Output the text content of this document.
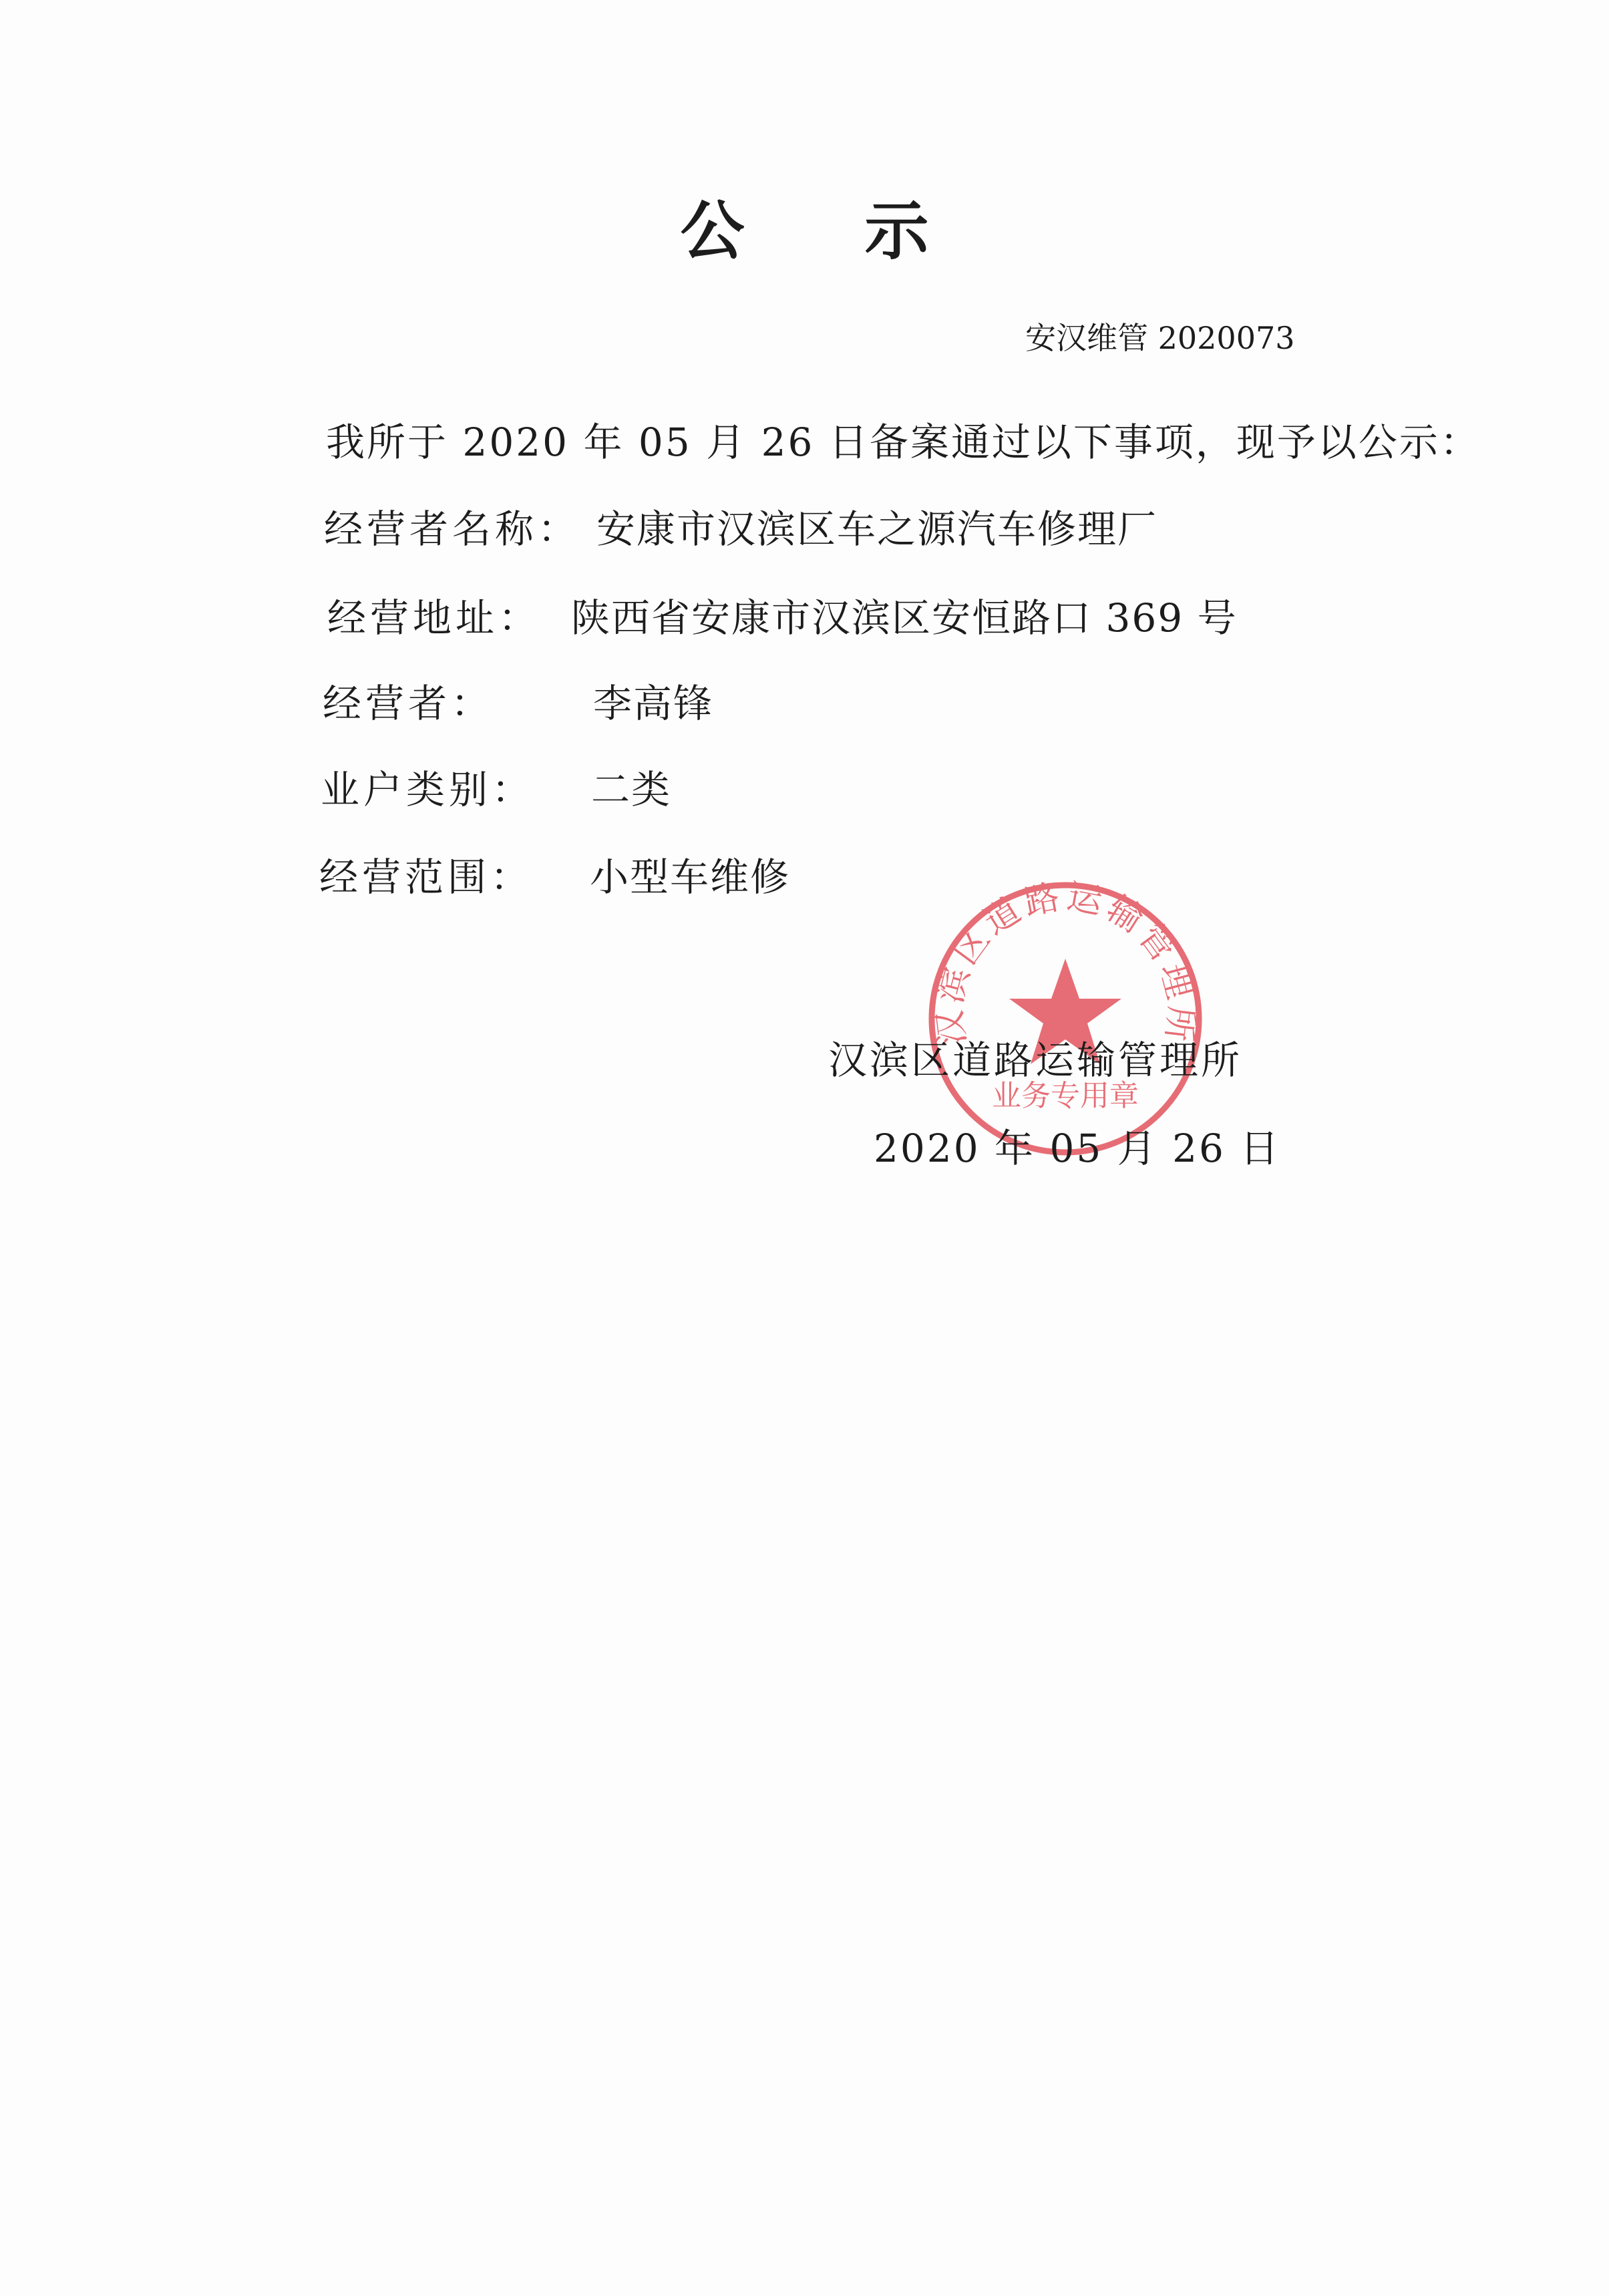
公 示
安汉维管 2020073
我所于 2020 年 05 月 26 日备案通过以下事项，现予以公示：
经营者名称： 安康市汉滨区车之源汽车修理厂
经营地址： 陕西省安康市汉滨区安恒路口 369 号
经营者：	李高锋
业户类别： 二类
经营范围： 小型车维修
汉滨区道路运输管理所
业务专用章
汉滨区道路运输管理所
2020 年 05 月 26 日
